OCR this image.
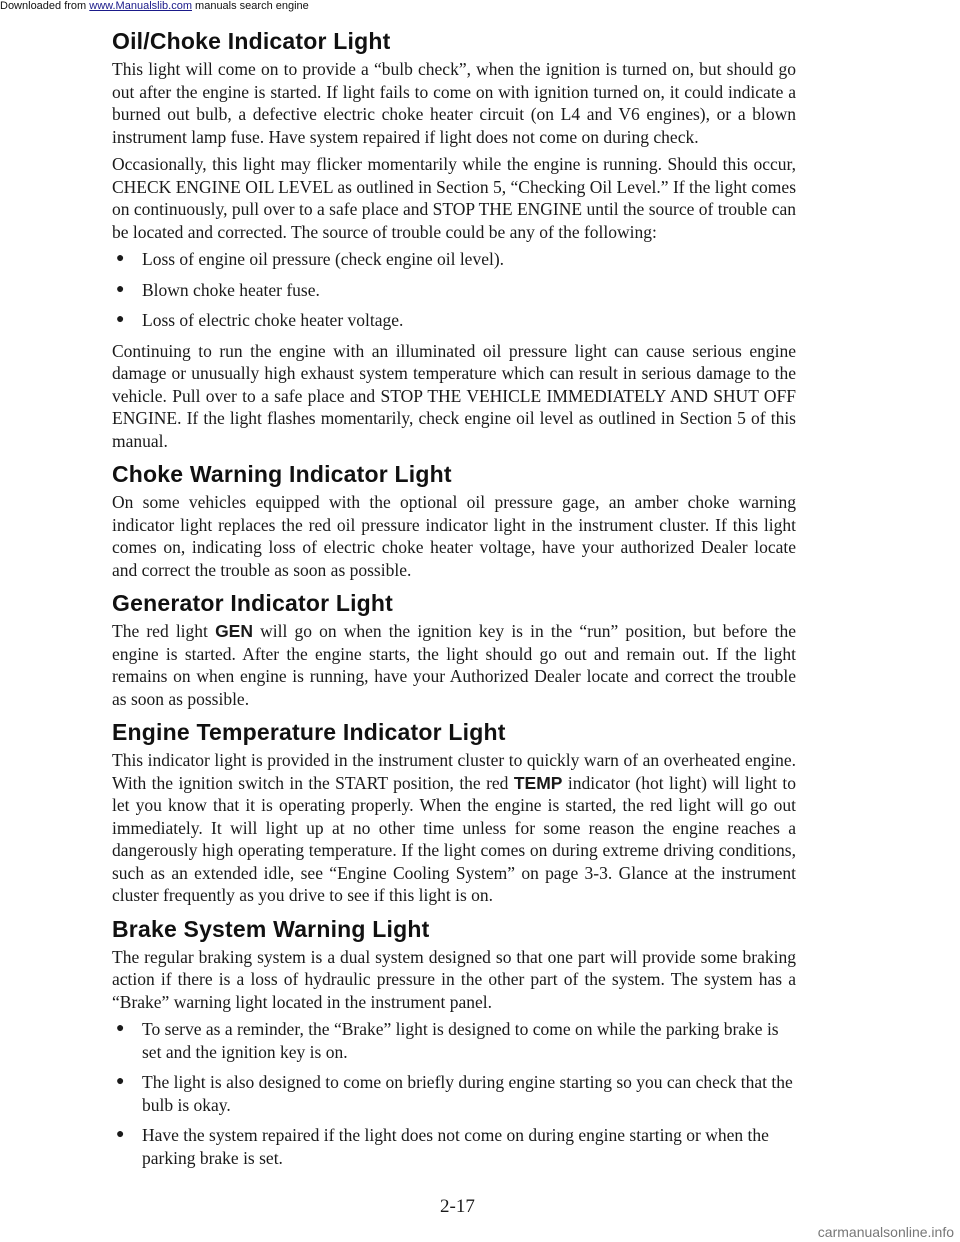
Downloaded from www.Manualslib.com manuals search engine
Oil/Choke Indicator Light

This light will come on to provide a “bulb check”, when the ignition is turned on, but should go out after the engine is started. If light fails to come on with ignition turned on, it could indicate a burned out bulb, a defective electric choke heater circuit (on L4 and V6 engines), or a blown instrument lamp fuse. Have system repaired if light does not come on during check.

Occasionally, this light may flicker momentarily while the engine is running. Should this occur, CHECK ENGINE OIL LEVEL as outlined in Section 5, “Checking Oil Level.” If the light comes on continuously, pull over to a safe place and STOP THE ENGINE until the source of trouble can be located and corrected. The source of trouble could be any of the following:

● Loss of engine oil pressure (check engine oil level).
● Blown choke heater fuse.
● Loss of electric choke heater voltage.

Continuing to run the engine with an illuminated oil pressure light can cause serious engine damage or unusually high exhaust system temperature which can result in serious damage to the vehicle. Pull over to a safe place and STOP THE VEHICLE IMMEDIATELY AND SHUT OFF ENGINE. If the light flashes momentarily, check engine oil level as outlined in Section 5 of this manual.

Choke Warning Indicator Light

On some vehicles equipped with the optional oil pressure gage, an amber choke warning indicator light replaces the red oil pressure indicator light in the instrument cluster. If this light comes on, indicating loss of electric choke heater voltage, have your authorized Dealer locate and correct the trouble as soon as possible.

Generator Indicator Light

The red light GEN will go on when the ignition key is in the “run” position, but before the engine is started. After the engine starts, the light should go out and remain out. If the light remains on when engine is running, have your Authorized Dealer locate and correct the trouble as soon as possible.

Engine Temperature Indicator Light

This indicator light is provided in the instrument cluster to quickly warn of an overheated engine. With the ignition switch in the START position, the red TEMP indicator (hot light) will light to let you know that it is operating properly. When the engine is started, the red light will go out immediately. It will light up at no other time unless for some reason the engine reaches a dangerously high operating temperature. If the light comes on during extreme driving conditions, such as an extended idle, see “Engine Cooling System” on page 3-3. Glance at the instrument cluster frequently as you drive to see if this light is on.

Brake System Warning Light

The regular braking system is a dual system designed so that one part will provide some braking action if there is a loss of hydraulic pressure in the other part of the system. The system has a “Brake” warning light located in the instrument panel.

● To serve as a reminder, the “Brake” light is designed to come on while the parking brake is set and the ignition key is on.
● The light is also designed to come on briefly during engine starting so you can check that the bulb is okay.
● Have the system repaired if the light does not come on during engine starting or when the parking brake is set.
2-17
carmanualsonline.info
